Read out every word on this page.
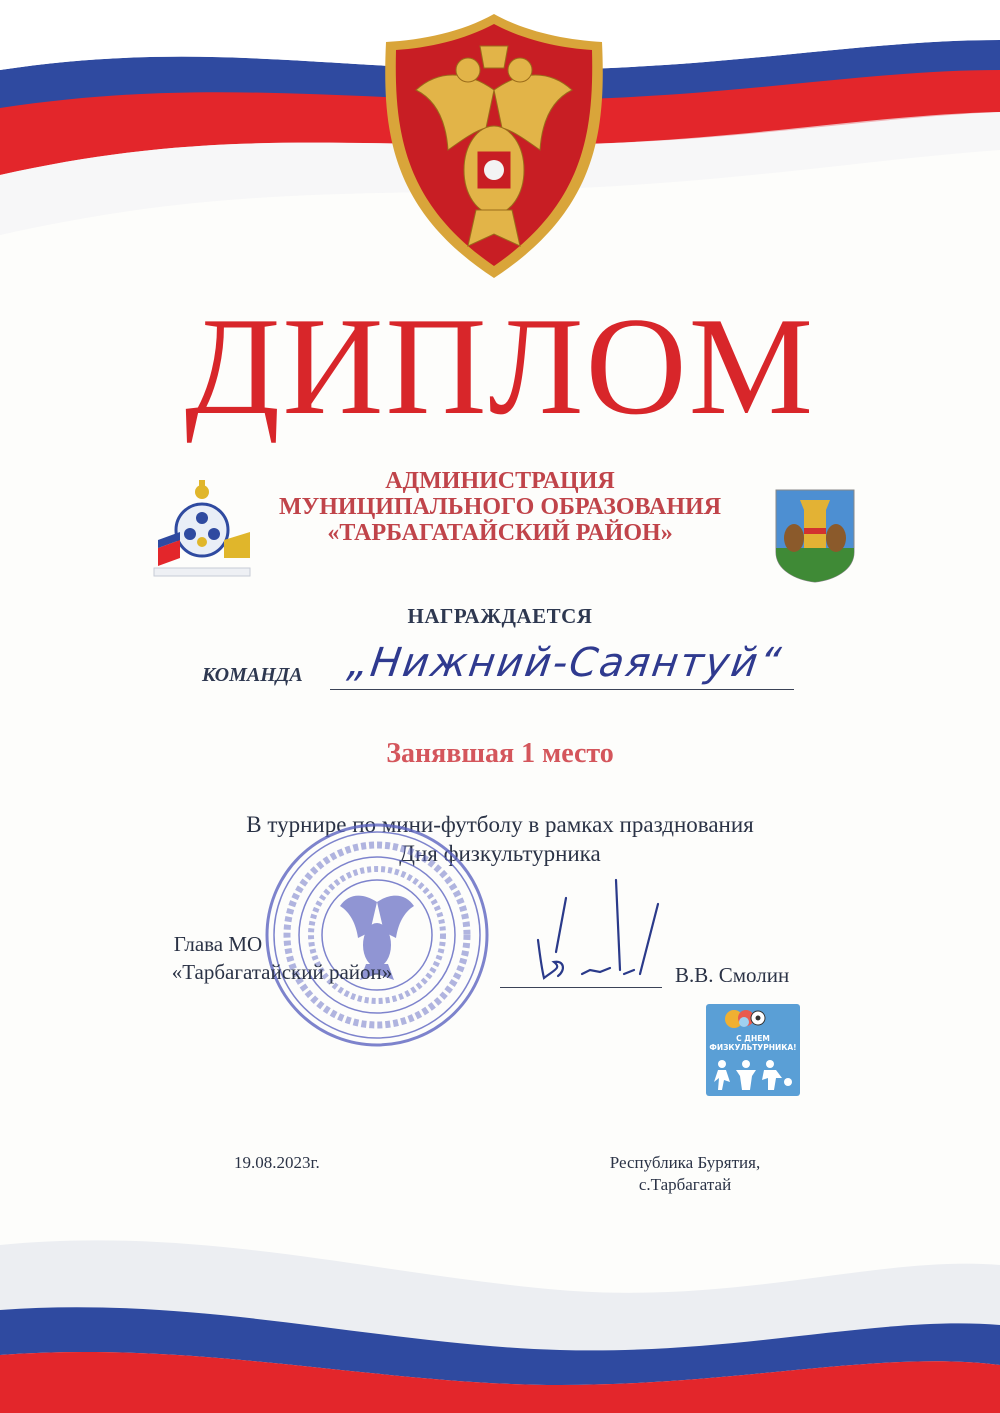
ДИПЛОМ
АДМИНИСТРАЦИЯ
МУНИЦИПАЛЬНОГО ОБРАЗОВАНИЯ
«ТАРБАГАТАЙСКИЙ РАЙОН»
НАГРАЖДАЕТСЯ
КОМАНДА „Нижний-Саянтуй“
Занявшая 1 место
В турнире по мини-футболу в рамках празднования
Дня физкультурника
Глава МО
«Тарбагатайский район»	В.В. Смолин
С ДНЕМ
ФИЗКУЛЬТУРНИКА!
19.08.2023г.	Республика Бурятия,
с.Тарбагатай
